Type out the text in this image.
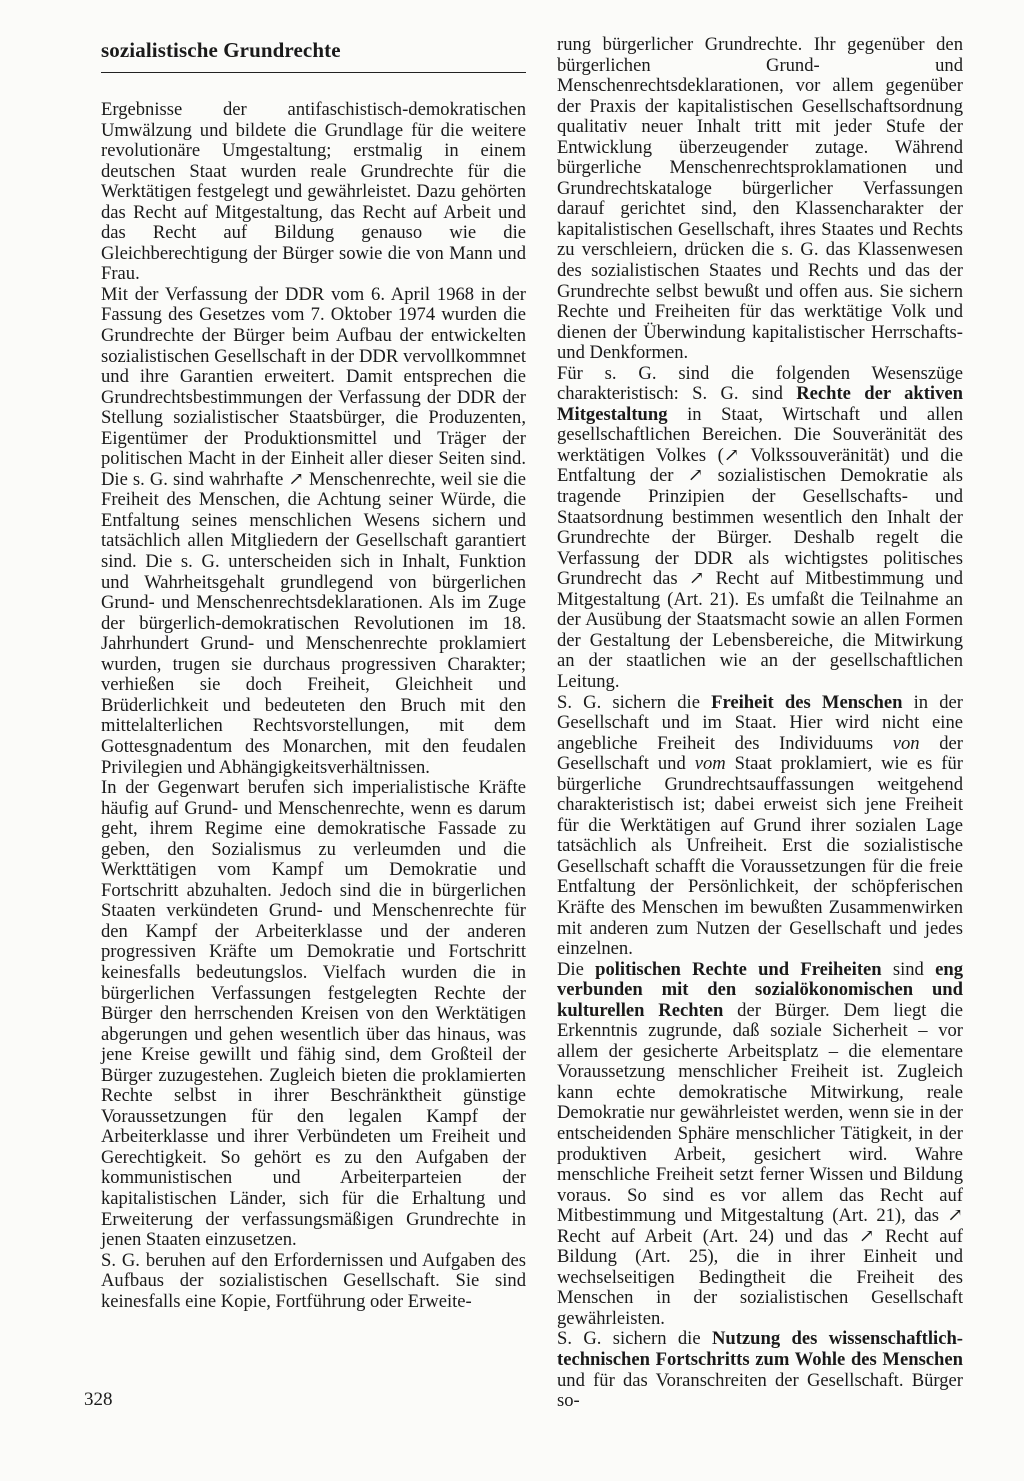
sozialistische Grundrechte

Ergebnisse der antifaschistisch-demokratischen Umwälzung und bildete die Grundlage für die weitere revolutionäre Umgestaltung; erstmalig in einem deutschen Staat wurden reale Grundrechte für die Werktätigen festgelegt und gewährleistet. Dazu gehörten das Recht auf Mitgestaltung, das Recht auf Arbeit und das Recht auf Bildung genauso wie die Gleichberechtigung der Bürger sowie die von Mann und Frau.

Mit der Verfassung der DDR vom 6. April 1968 in der Fassung des Gesetzes vom 7. Oktober 1974 wurden die Grundrechte der Bürger beim Aufbau der entwickelten sozialistischen Gesellschaft in der DDR vervollkommnet und ihre Garantien erweitert. Damit entsprechen die Grundrechtsbestimmungen der Verfassung der DDR der Stellung sozialistischer Staatsbürger, die Produzenten, Eigentümer der Produktionsmittel und Träger der politischen Macht in der Einheit aller dieser Seiten sind. Die s. G. sind wahrhafte ↗ Menschenrechte, weil sie die Freiheit des Menschen, die Achtung seiner Würde, die Entfaltung seines menschlichen Wesens sichern und tatsächlich allen Mitgliedern der Gesellschaft garantiert sind. Die s. G. unterscheiden sich in Inhalt, Funktion und Wahrheitsgehalt grundlegend von bürgerlichen Grund- und Menschenrechtsdeklarationen. Als im Zuge der bürgerlich-demokratischen Revolutionen im 18. Jahrhundert Grund- und Menschenrechte proklamiert wurden, trugen sie durchaus progressiven Charakter; verhießen sie doch Freiheit, Gleichheit und Brüderlichkeit und bedeuteten den Bruch mit den mittelalterlichen Rechtsvorstellungen, mit dem Gottesgnadentum des Monarchen, mit den feudalen Privilegien und Abhängigkeitsverhältnissen.

In der Gegenwart berufen sich imperialistische Kräfte häufig auf Grund- und Menschenrechte, wenn es darum geht, ihrem Regime eine demokratische Fassade zu geben, den Sozialismus zu verleumden und die Werkttätigen vom Kampf um Demokratie und Fortschritt abzuhalten. Jedoch sind die in bürgerlichen Staaten verkündeten Grund- und Menschenrechte für den Kampf der Arbeiterklasse und der anderen progressiven Kräfte um Demokratie und Fortschritt keinesfalls bedeutungslos. Vielfach wurden die in bürgerlichen Verfassungen festgelegten Rechte der Bürger den herrschenden Kreisen von den Werktätigen abgerungen und gehen wesentlich über das hinaus, was jene Kreise gewillt und fähig sind, dem Großteil der Bürger zuzugestehen. Zugleich bieten die proklamierten Rechte selbst in ihrer Beschränktheit günstige Voraussetzungen für den legalen Kampf der Arbeiterklasse und ihrer Verbündeten um Freiheit und Gerechtigkeit. So gehört es zu den Aufgaben der kommunistischen und Arbeiterparteien der kapitalistischen Länder, sich für die Erhaltung und Erweiterung der verfassungsmäßigen Grundrechte in jenen Staaten einzusetzen.

S. G. beruhen auf den Erfordernissen und Aufgaben des Aufbaus der sozialistischen Gesellschaft. Sie sind keinesfalls eine Kopie, Fortführung oder Erweite-

rung bürgerlicher Grundrechte. Ihr gegenüber den bürgerlichen Grund- und Menschenrechtsdeklarationen, vor allem gegenüber der Praxis der kapitalistischen Gesellschaftsordnung qualitativ neuer Inhalt tritt mit jeder Stufe der Entwicklung überzeugender zutage. Während bürgerliche Menschenrechtsproklamationen und Grundrechtskataloge bürgerlicher Verfassungen darauf gerichtet sind, den Klassencharakter der kapitalistischen Gesellschaft, ihres Staates und Rechts zu verschleiern, drücken die s. G. das Klassenwesen des sozialistischen Staates und Rechts und das der Grundrechte selbst bewußt und offen aus. Sie sichern Rechte und Freiheiten für das werktätige Volk und dienen der Überwindung kapitalistischer Herrschafts- und Denkformen.

Für s. G. sind die folgenden Wesenszüge charakteristisch: S. G. sind Rechte der aktiven Mitgestaltung in Staat, Wirtschaft und allen gesellschaftlichen Bereichen. Die Souveränität des werktätigen Volkes (↗ Volkssouveränität) und die Entfaltung der ↗ sozialistischen Demokratie als tragende Prinzipien der Gesellschafts- und Staatsordnung bestimmen wesentlich den Inhalt der Grundrechte der Bürger. Deshalb regelt die Verfassung der DDR als wichtigstes politisches Grundrecht das ↗ Recht auf Mitbestimmung und Mitgestaltung (Art. 21). Es umfaßt die Teilnahme an der Ausübung der Staatsmacht sowie an allen Formen der Gestaltung der Lebensbereiche, die Mitwirkung an der staatlichen wie an der gesellschaftlichen Leitung.

S. G. sichern die Freiheit des Menschen in der Gesellschaft und im Staat. Hier wird nicht eine angebliche Freiheit des Individuums von der Gesellschaft und vom Staat proklamiert, wie es für bürgerliche Grundrechtsauffassungen weitgehend charakteristisch ist; dabei erweist sich jene Freiheit für die Werktätigen auf Grund ihrer sozialen Lage tatsächlich als Unfreiheit. Erst die sozialistische Gesellschaft schafft die Voraussetzungen für die freie Entfaltung der Persönlichkeit, der schöpferischen Kräfte des Menschen im bewußten Zusammenwirken mit anderen zum Nutzen der Gesellschaft und jedes einzelnen.

Die politischen Rechte und Freiheiten sind eng verbunden mit den sozialökonomischen und kulturellen Rechten der Bürger. Dem liegt die Erkenntnis zugrunde, daß soziale Sicherheit – vor allem der gesicherte Arbeitsplatz – die elementare Voraussetzung menschlicher Freiheit ist. Zugleich kann echte demokratische Mitwirkung, reale Demokratie nur gewährleistet werden, wenn sie in der entscheidenden Sphäre menschlicher Tätigkeit, in der produktiven Arbeit, gesichert wird. Wahre menschliche Freiheit setzt ferner Wissen und Bildung voraus. So sind es vor allem das Recht auf Mitbestimmung und Mitgestaltung (Art. 21), das ↗ Recht auf Arbeit (Art. 24) und das ↗ Recht auf Bildung (Art. 25), die in ihrer Einheit und wechselseitigen Bedingtheit die Freiheit des Menschen in der sozialistischen Gesellschaft gewährleisten.

S. G. sichern die Nutzung des wissenschaftlich-technischen Fortschritts zum Wohle des Menschen und für das Voranschreiten der Gesellschaft. Bürger so-

328
